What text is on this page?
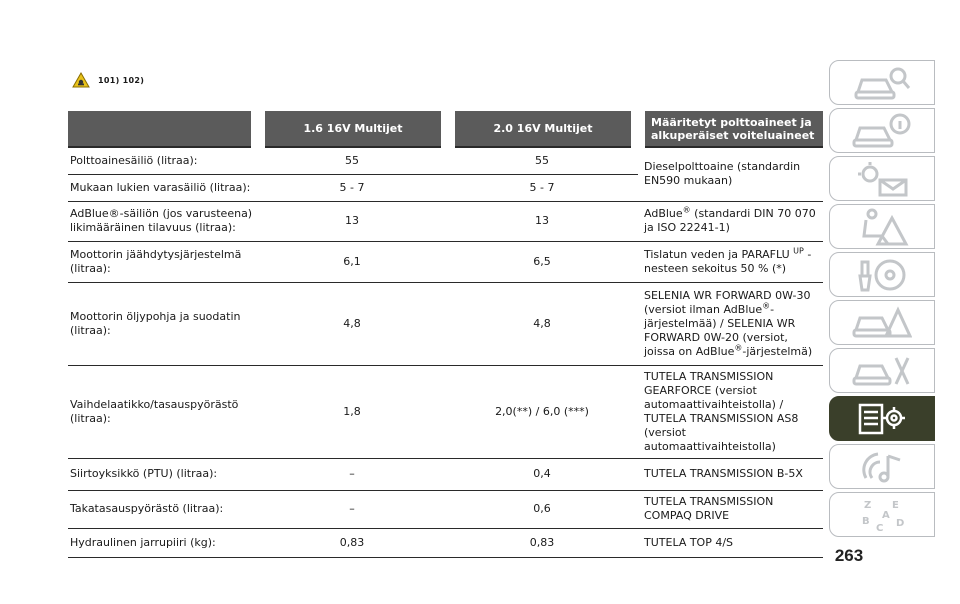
101) 102)
	1.6 16V Multijet	2.0 16V Multijet	Määritetyt polttoaineet ja alkuperäiset voiteluaineet
Polttoainesäiliö (litraa):	55	55	Dieselpolttoaine (standardin EN590 mukaan)
Mukaan lukien varasäiliö (litraa):	5 - 7	5 - 7	
AdBlue®-säiliön (jos varusteena) likimääräinen tilavuus (litraa):	13	13	AdBlue® (standardi DIN 70 070 ja ISO 22241-1)
Moottorin jäähdytysjärjestelmä (litraa):	6,1	6,5	Tislatun veden ja PARAFLU $^{UP}$ -nesteen sekoitus 50 % (*)
Moottorin öljypohja ja suodatin (litraa):	4,8	4,8	SELENIA WR FORWARD 0W-30 (versiot ilman AdBlue®-järjestelmää) / SELENIA WR FORWARD 0W-20 (versiot, joissa on AdBlue®-järjestelmä)
Vaihdelaatikko/tasauspyörästö (litraa):	1,8	2,0(**) / 6,0 (***)	TUTELA TRANSMISSION GEARFORCE (versiot automaattivaihteistolla) / TUTELA TRANSMISSION AS8 (versiot automaattivaihteistolla)
Siirtoyksikkö (PTU) (litraa):	–	0,4	TUTELA TRANSMISSION B-5X
Takatasauspyörästö (litraa):	–	0,6	TUTELA TRANSMISSION COMPAQ DRIVE
Hydraulinen jarrupiiri (kg):	0,83	0,83	TUTELA TOP 4/S
Z E
A
B	D
C
263
